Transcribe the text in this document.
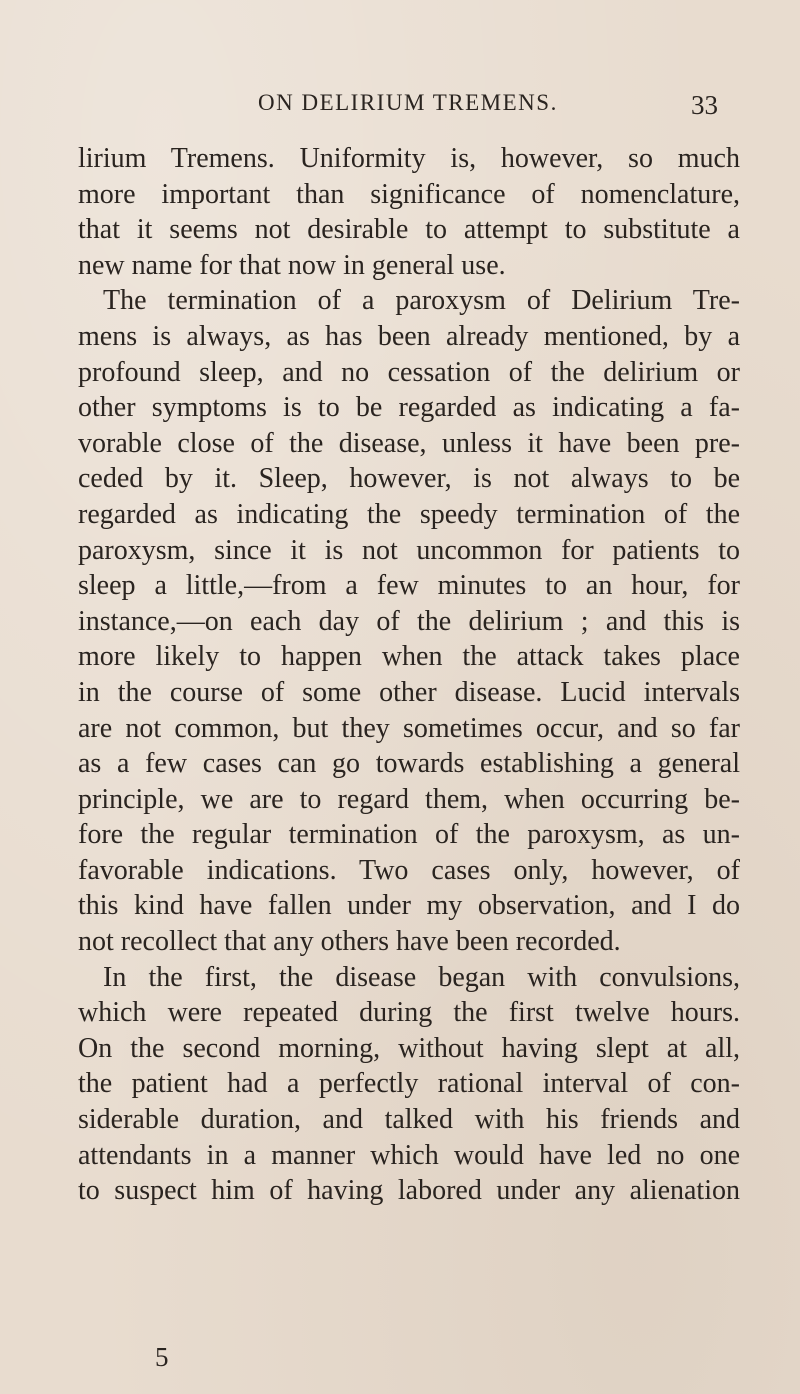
ON DELIRIUM TREMENS.	33
lirium Tremens. Uniformity is, however, so much
more important than significance of nomenclature,
that it seems not desirable to attempt to substitute a
new name for that now in general use.
The termination of a paroxysm of Delirium Tre-
mens is always, as has been already mentioned, by a
profound sleep, and no cessation of the delirium or
other symptoms is to be regarded as indicating a fa-
vorable close of the disease, unless it have been pre-
ceded by it. Sleep, however, is not always to be
regarded as indicating the speedy termination of the
paroxysm, since it is not uncommon for patients to
sleep a little,—from a few minutes to an hour, for
instance,—on each day of the delirium ; and this is
more likely to happen when the attack takes place
in the course of some other disease. Lucid intervals
are not common, but they sometimes occur, and so far
as a few cases can go towards establishing a general
principle, we are to regard them, when occurring be-
fore the regular termination of the paroxysm, as un-
favorable indications. Two cases only, however, of
this kind have fallen under my observation, and I do
not recollect that any others have been recorded.
In the first, the disease began with convulsions,
which were repeated during the first twelve hours.
On the second morning, without having slept at all,
the patient had a perfectly rational interval of con-
siderable duration, and talked with his friends and
attendants in a manner which would have led no one
to suspect him of having labored under any alienation
5
